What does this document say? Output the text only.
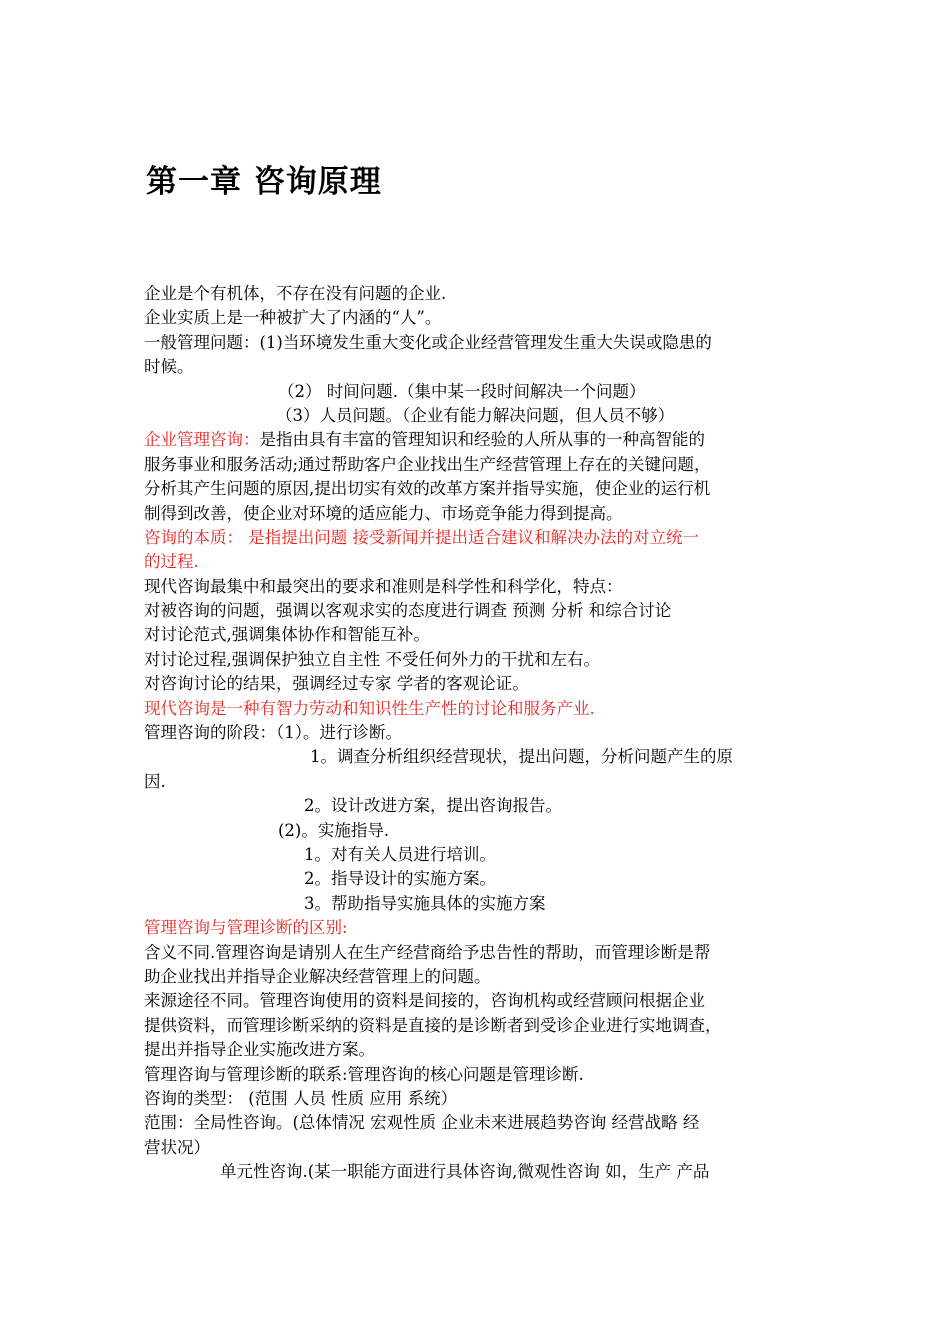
第一章 咨询原理
企业是个有机体，不存在没有问题的企业.
企业实质上是一种被扩大了内涵的“人”。
一般管理问题：(1)当环境发生重大变化或企业经营管理发生重大失误或隐患的
时候。
（2） 时间问题.（集中某一段时间解决一个问题）
（3）人员问题。（企业有能力解决问题，但人员不够）
企业管理咨询：是指由具有丰富的管理知识和经验的人所从事的一种高智能的
服务事业和服务活动;通过帮助客户企业找出生产经营管理上存在的关键问题，
分析其产生问题的原因,提出切实有效的改革方案并指导实施，使企业的运行机
制得到改善，使企业对环境的适应能力、市场竞争能力得到提高。
咨询的本质： 是指提出问题 接受新闻并提出适合建议和解决办法的对立统一
的过程.
现代咨询最集中和最突出的要求和准则是科学性和科学化，特点：
对被咨询的问题，强调以客观求实的态度进行调查 预测 分析 和综合讨论
对讨论范式,强调集体协作和智能互补。
对讨论过程,强调保护独立自主性 不受任何外力的干扰和左右。
对咨询讨论的结果，强调经过专家 学者的客观论证。
现代咨询是一种有智力劳动和知识性生产性的讨论和服务产业.
管理咨询的阶段：（1）。进行诊断。
1。调查分析组织经营现状，提出问题，分析问题产生的原
因.
2。设计改进方案，提出咨询报告。
(2)。实施指导.
1。对有关人员进行培训。
2。指导设计的实施方案。
3。帮助指导实施具体的实施方案
管理咨询与管理诊断的区别:
含义不同.管理咨询是请别人在生产经营商给予忠告性的帮助，而管理诊断是帮
助企业找出并指导企业解决经营管理上的问题。
来源途径不同。管理咨询使用的资料是间接的，咨询机构或经营顾问根据企业
提供资料，而管理诊断采纳的资料是直接的是诊断者到受诊企业进行实地调查，
提出并指导企业实施改进方案。
管理咨询与管理诊断的联系:管理咨询的核心问题是管理诊断.
咨询的类型： (范围 人员 性质 应用 系统）
范围：全局性咨询。(总体情况 宏观性质 企业未来进展趋势咨询 经营战略 经
营状况）
单元性咨询.(某一职能方面进行具体咨询,微观性咨询 如，生产 产品
